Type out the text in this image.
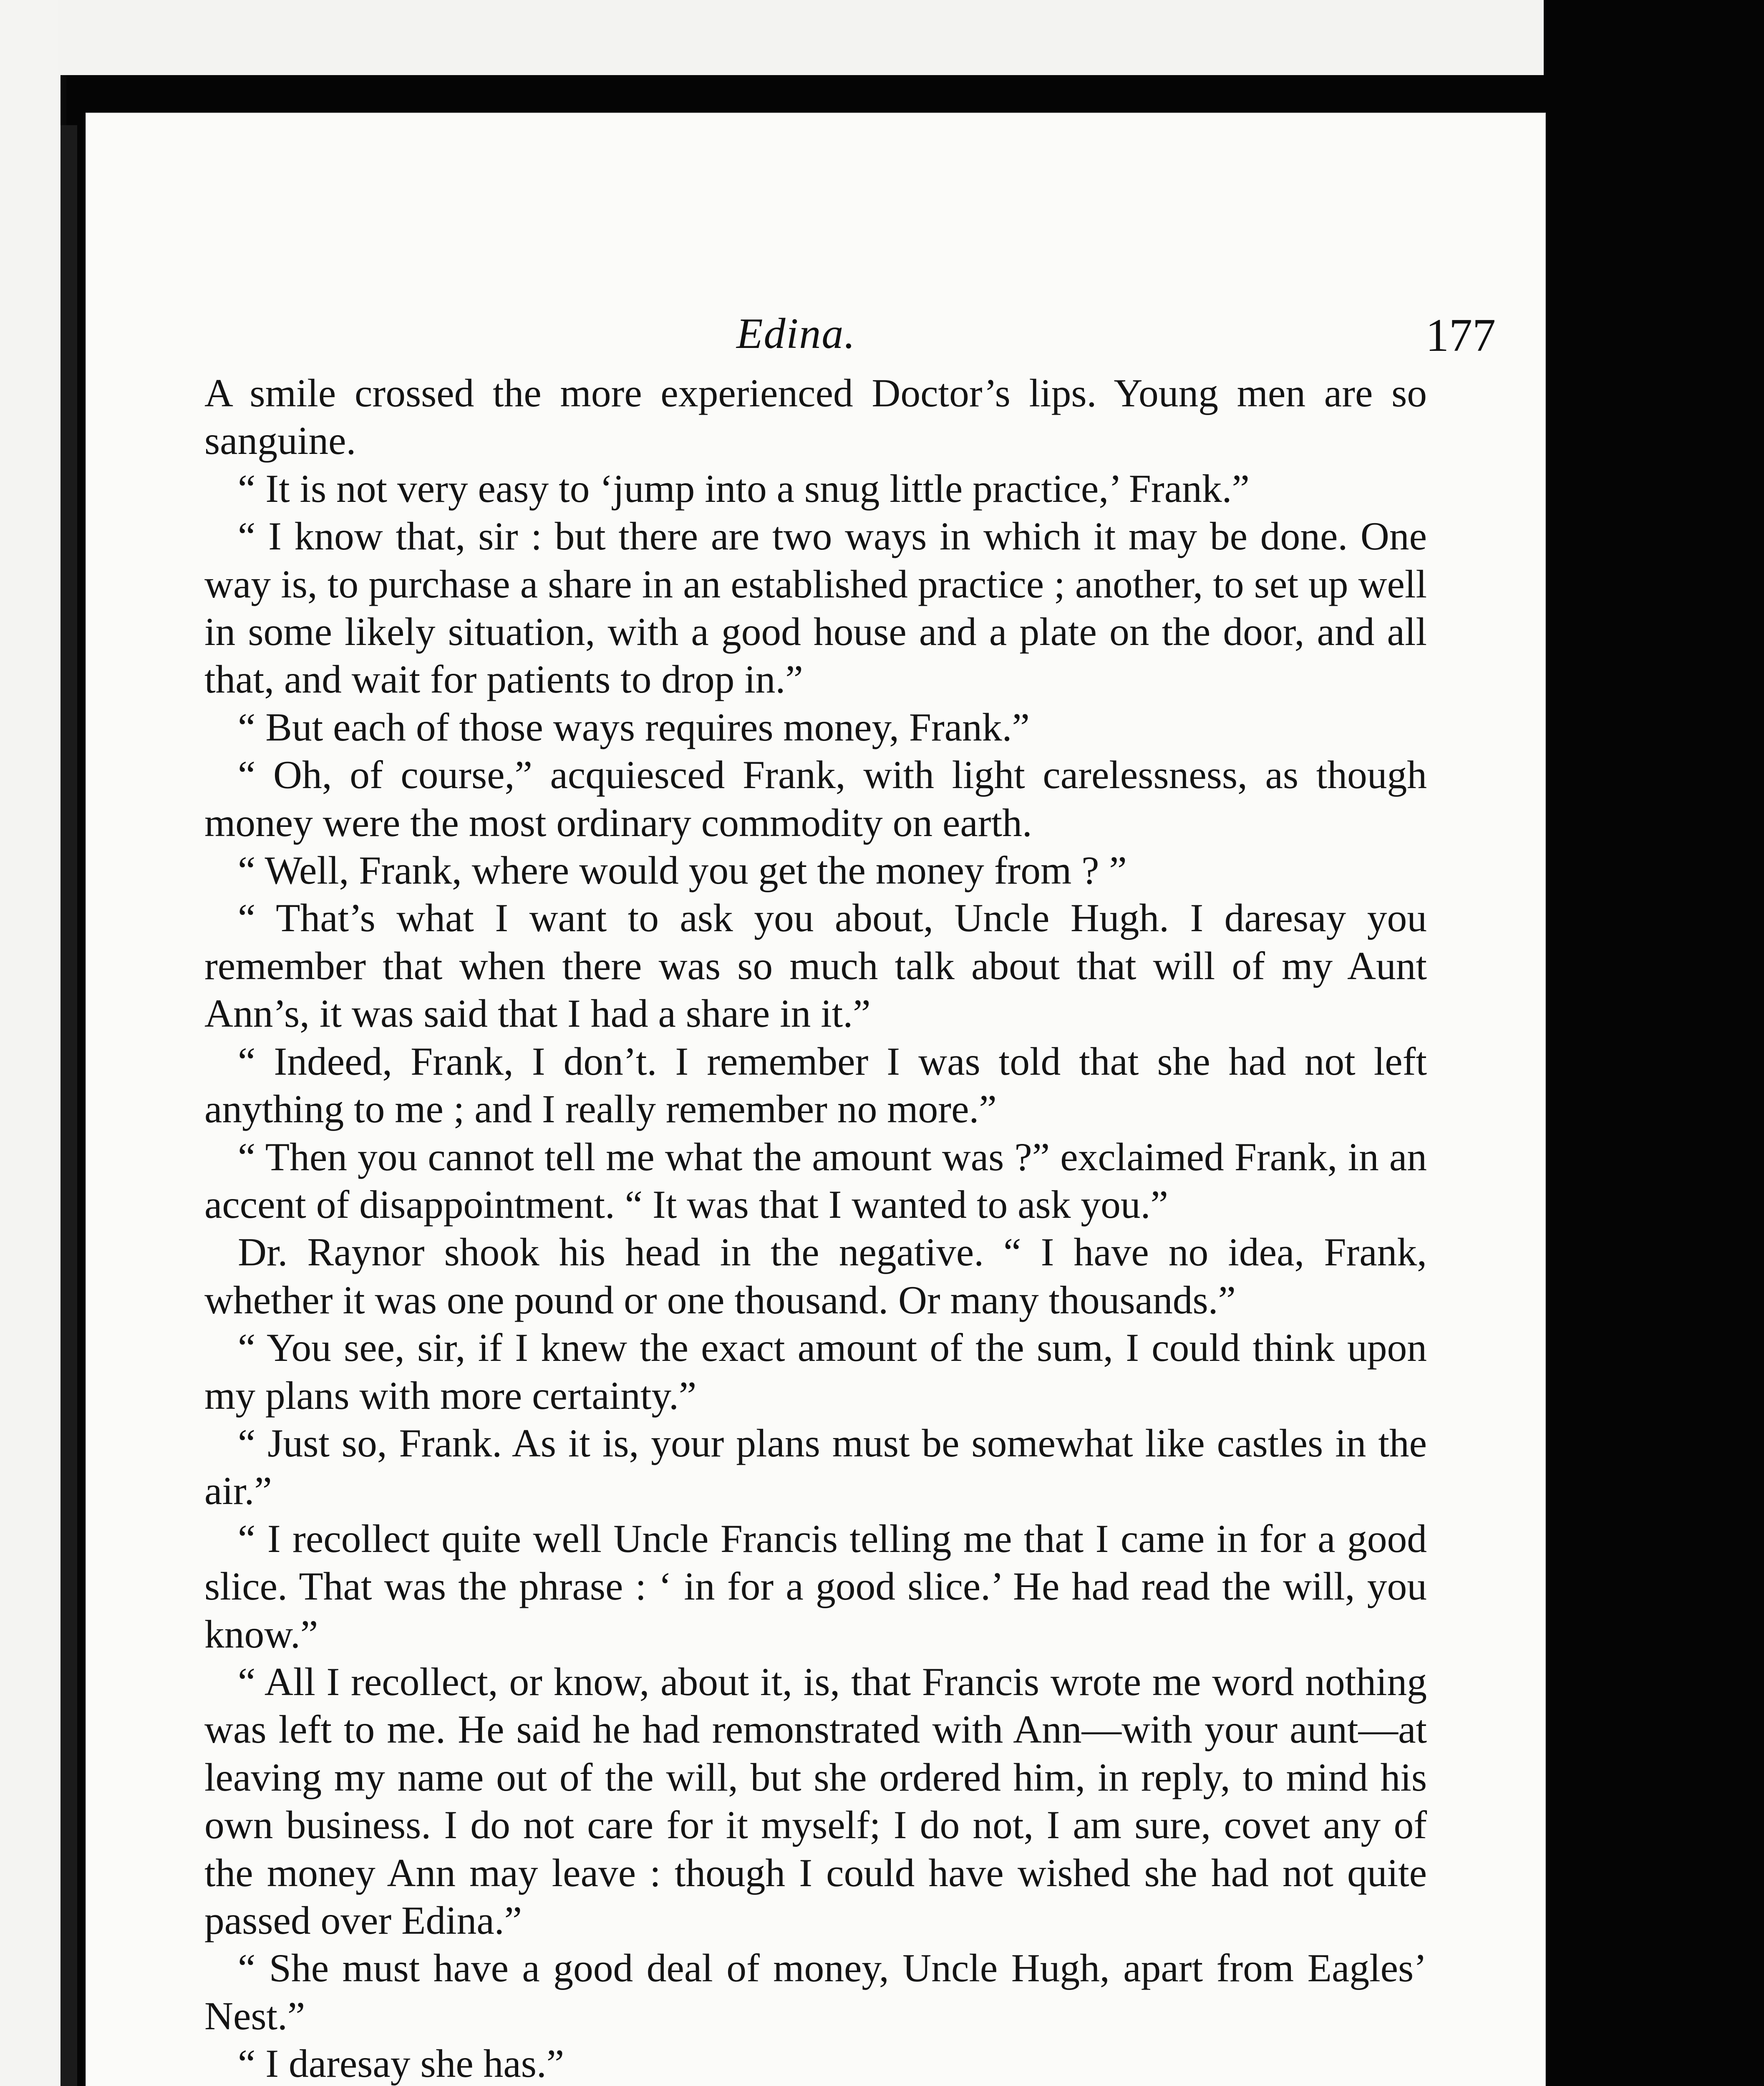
Edina.	177

A smile crossed the more experienced Doctor’s lips. Young men are so sanguine.

“ It is not very easy to ‘jump into a snug little practice,’ Frank.”

“ I know that, sir : but there are two ways in which it may be done. One way is, to purchase a share in an established practice ; another, to set up well in some likely situation, with a good house and a plate on the door, and all that, and wait for patients to drop in.”

“ But each of those ways requires money, Frank.”

“ Oh, of course,” acquiesced Frank, with light carelessness, as though money were the most ordinary commodity on earth.

“ Well, Frank, where would you get the money from ? ”

“ That’s what I want to ask you about, Uncle Hugh. I daresay you remember that when there was so much talk about that will of my Aunt Ann’s, it was said that I had a share in it.”

“ Indeed, Frank, I don’t. I remember I was told that she had not left anything to me ; and I really remember no more.”

“ Then you cannot tell me what the amount was ?” exclaimed Frank, in an accent of disappointment. “ It was that I wanted to ask you.”

Dr. Raynor shook his head in the negative. “ I have no idea, Frank, whether it was one pound or one thousand. Or many thousands.”

“ You see, sir, if I knew the exact amount of the sum, I could think upon my plans with more certainty.”

“ Just so, Frank. As it is, your plans must be somewhat like castles in the air.”

“ I recollect quite well Uncle Francis telling me that I came in for a good slice. That was the phrase : ‘ in for a good slice.’ He had read the will, you know.”

“ All I recollect, or know, about it, is, that Francis wrote me word nothing was left to me. He said he had remonstrated with Ann—with your aunt—at leaving my name out of the will, but she ordered him, in reply, to mind his own business. I do not care for it myself; I do not, I am sure, covet any of the money Ann may leave : though I could have wished she had not quite passed over Edina.”

“ She must have a good deal of money, Uncle Hugh, apart from Eagles’ Nest.”

“ I daresay she has.”
